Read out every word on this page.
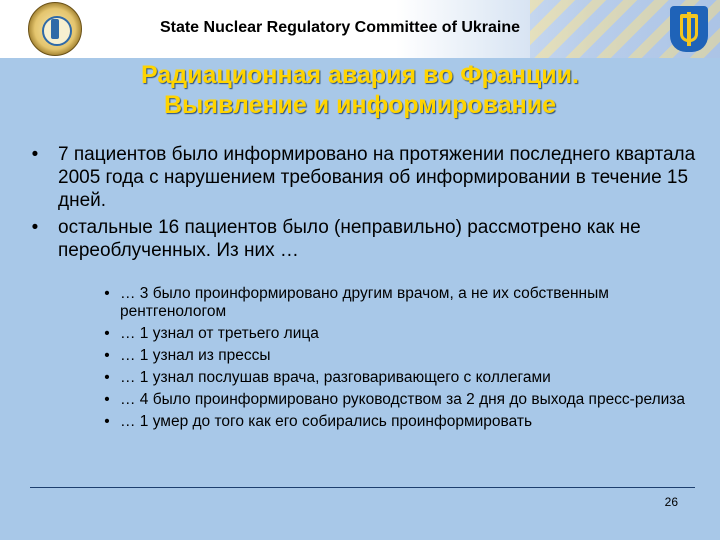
State Nuclear Regulatory Committee of Ukraine
Радиационная авария во Франции.
Выявление и информирование
• 7 пациентов было информировано на протяжении последнего квартала 2005 года с нарушением требования об информировании в течение 15 дней.
• остальные 16 пациентов было (неправильно) рассмотрено как не переоблученных. Из них …
• … 3 было проинформировано другим врачом, а не их собственным рентгенологом
• … 1 узнал от третьего лица
• … 1 узнал из прессы
• … 1 узнал послушав врача, разговаривающего с коллегами
• … 4 было проинформировано руководством за 2 дня до выхода пресс-релиза
• … 1 умер до того как его собирались проинформировать
26
